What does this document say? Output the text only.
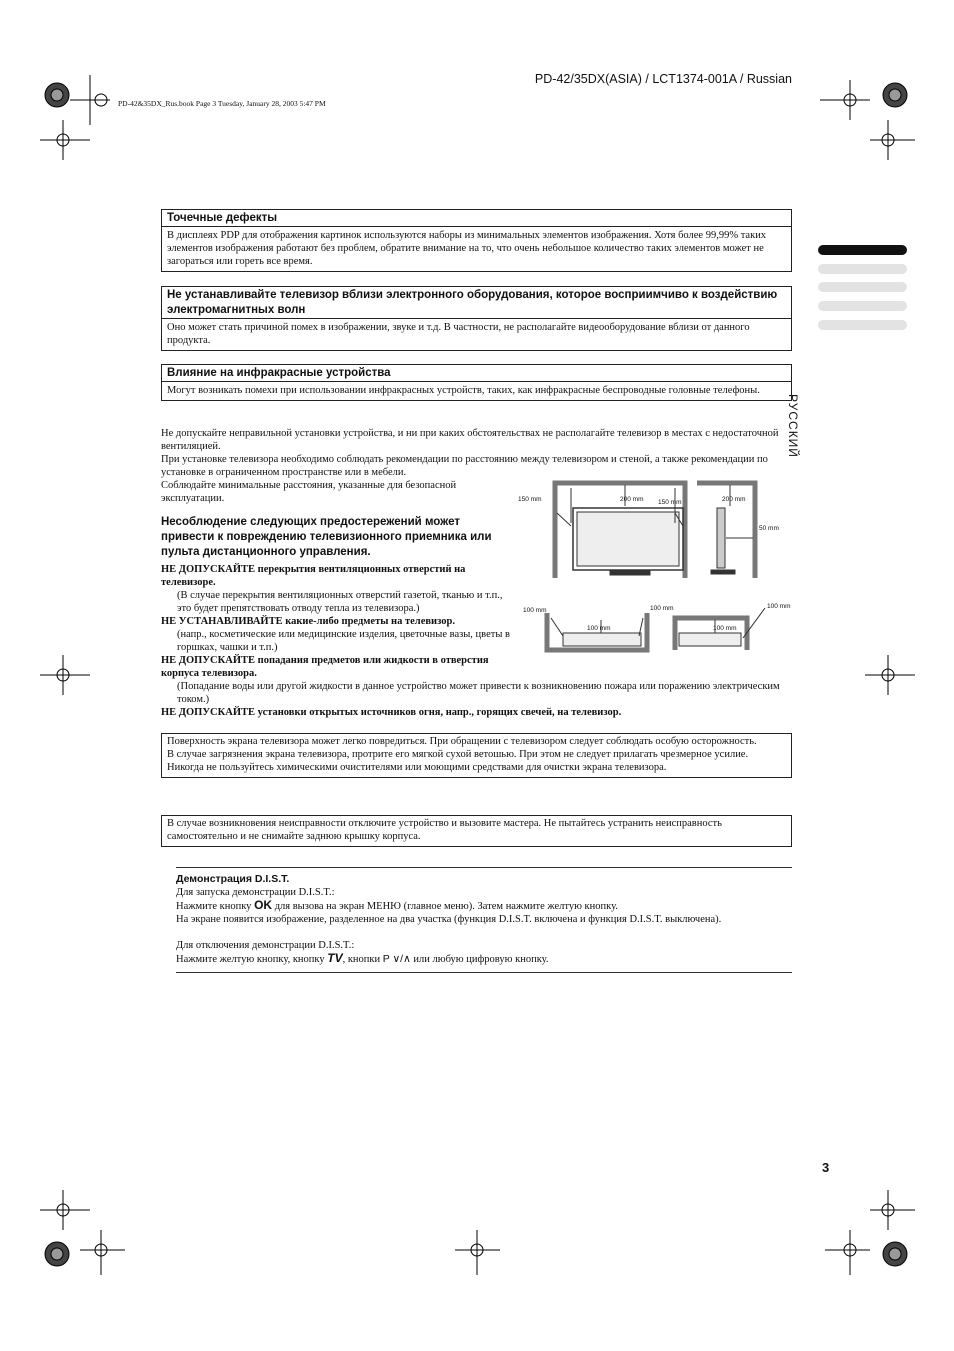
PD-42/35DX(ASIA) / LCT1374-001A / Russian
PD-42&35DX_Rus.book Page 3 Tuesday, January 28, 2003 5:47 PM
РУССКИЙ
Точечные дефекты
В дисплеях PDP для отображения картинок используются наборы из минимальных элементов изображения. Хотя более 99,99% таких элементов изображения работают без проблем, обратите внимание на то, что очень небольшое количество таких элементов может не загораться или гореть все время.
Не устанавливайте телевизор вблизи электронного оборудования, которое восприимчиво к воздействию электромагнитных волн
Оно может стать причиной помех в изображении, звуке и т.д. В частности, не располагайте видеооборудование вблизи от данного продукта.
Влияние на инфракрасные устройства
Могут возникать помехи при использовании инфракрасных устройств, таких, как инфракрасные беспроводные головные телефоны.
Не допускайте неправильной установки устройства, и ни при каких обстоятельствах не располагайте телевизор в местах с недостаточной вентиляцией.
При установке телевизора необходимо соблюдать рекомендации по расстоянию между телевизором и стеной, а также рекомендации по установке в ограниченном пространстве или в мебели.
Соблюдайте минимальные расстояния, указанные для безопасной эксплуатации.
Несоблюдение следующих предостережений может привести к повреждению телевизионного приемника или пульта дистанционного управления.
НЕ ДОПУСКАЙТЕ перекрытия вентиляционных отверстий на телевизоре.
(В случае перекрытия вентиляционных отверстий газетой, тканью и т.п., это будет препятствовать отводу тепла из телевизора.)
НЕ УСТАНАВЛИВАЙТЕ какие-либо предметы на телевизор.
(напр., косметические или медицинские изделия, цветочные вазы, цветы в горшках, чашки и т.п.)
НЕ ДОПУСКАЙТЕ попадания предметов или жидкости в отверстия корпуса телевизора.
(Попадание воды или другой жидкости в данное устройство может привести к возникновению пожара или поражению электрическим током.)
НЕ ДОПУСКАЙТЕ установки открытых источников огня, напр., горящих свечей, на телевизор.
150 mm	200 mm 150 mm	200 mm
50 mm
100 mm
100 mm
100 mm
100 mm
100 mm
Поверхность экрана телевизора может легко повредиться. При обращении с телевизором следует соблюдать особую осторожность.
В случае загрязнения экрана телевизора, протрите его мягкой сухой ветошью. При этом не следует прилагать чрезмерное усилие.
Никогда не пользуйтесь химическими очистителями или моющими средствами для очистки экрана телевизора.
В случае возникновения неисправности отключите устройство и вызовите мастера. Не пытайтесь устранить неисправность самостоятельно и не снимайте заднюю крышку корпуса.
Демонстрация D.I.S.T.
Для запуска демонстрации D.I.S.T.:
Нажмите кнопку OK для вызова на экран МЕНЮ (главное меню). Затем нажмите желтую кнопку.
На экране появится изображение, разделенное на два участка (функция D.I.S.T. включена и функция D.I.S.T. выключена).
Для отключения демонстрации D.I.S.T.:
Нажмите желтую кнопку, кнопку TV, кнопки P ∨/∧ или любую цифровую кнопку.
3
